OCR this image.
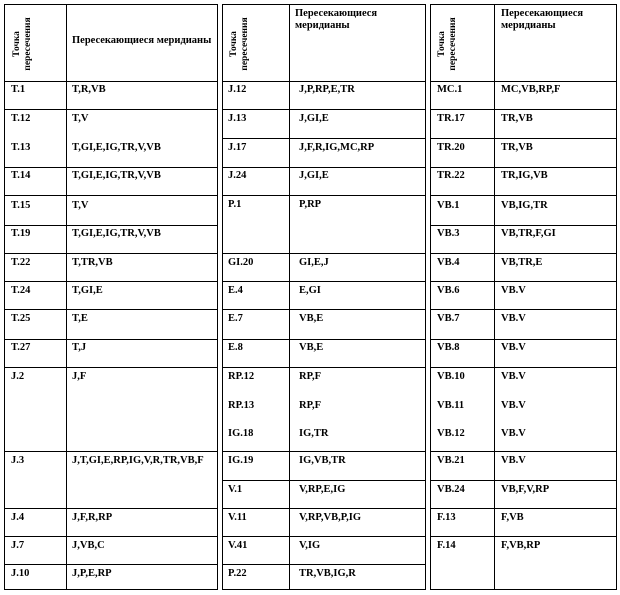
Точка
пересечения	Пересекающиеся меридианы
T.1	T,R,VB
T.12	T,V
T.13	T,GI,E,IG,TR,V,VB
T.14	T,GI,E,IG,TR,V,VB
T.15	T,V
T.19	T,GI,E,IG,TR,V,VB
T.22	T,TR,VB
T.24	T,GI,E
T.25	T,E
T.27	T,J
J.2	J,F
J.3	J,T,GI,E,RP,IG,V,R,TR,VB,F
J.4	J,F,R,RP
J.7	J,VB,C
J.10	J,P,E,RP
Точка
пересечения
Пересекающиеся меридианы
J.12	J,P,RP,E,TR
J.13	J,GI,E
J.17	J,F,R,IG,MC,RP
J.24	J,GI,E
P.1	P,RP
GI.20	GI,E,J
E.4	E,GI
E.7	VB,E
E.8	VB,E
RP.12	RP,F
RP.13	RP,F
IG.18	IG,TR
IG.19	IG,VB,TR
V.1	V,RP,E,IG
V.11	V,RP,VB,P,IG
V.41	V,IG
P.22	TR,VB,IG,R
Точка
пересечения
Пересекающиеся меридианы
MC.1	MC,VB,RP,F
TR.17	TR,VB
TR.20	TR,VB
TR.22	TR,IG,VB
VB.1	VB,IG,TR
VB.3	VB,TR,F,GI
VB.4	VB,TR,E
VB.6	VB.V
VB.7	VB.V
VB.8	VB.V
VB.10	VB.V
VB.11	VB.V
VB.12	VB.V
VB.21	VB.V
VB.24	VB,F,V,RP
F.13	F,VB
F.14	F,VB,RP
